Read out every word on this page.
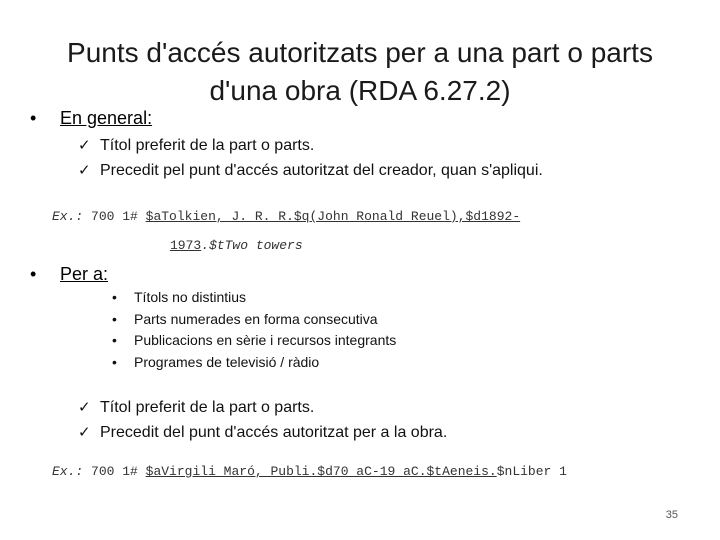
Punts d'accés autoritzats per a una part o parts
d'una obra (RDA 6.27.2)
• En general:
✓ Títol preferit de la part o parts.
✓ Precedit pel punt d'accés autoritzat del creador, quan s'apliqui.
Ex.: 700 1# $aTolkien, J. R. R.$q(John Ronald Reuel),$d1892-
1973.$tTwo towers
• Per a:
• Títols no distintius
• Parts numerades en forma consecutiva
• Publicacions en sèrie i recursos integrants
• Programes de televisió / ràdio
✓ Títol preferit de la part o parts.
✓ Precedit del punt d'accés autoritzat per a la obra.
Ex.: 700 1# $aVirgili Maró, Publi.$d70 aC-19 aC.$tAeneis.$nLiber 1
35
